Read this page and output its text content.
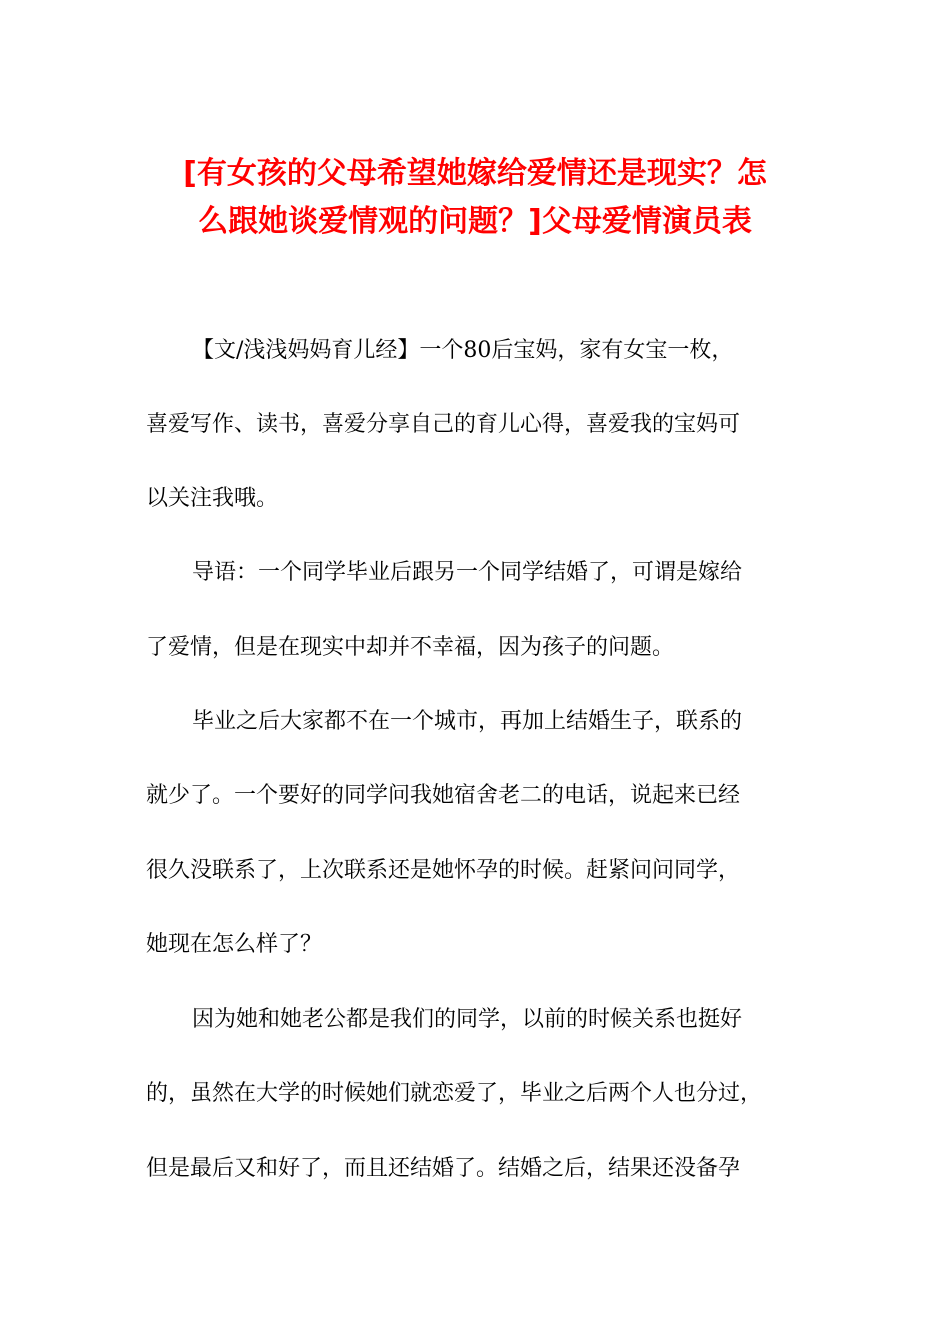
[有女孩的父母希望她嫁给爱情还是现实？怎
么跟她谈爱情观的问题？]父母爱情演员表

【文/浅浅妈妈育儿经】一个80后宝妈，家有女宝一枚，

喜爱写作、读书，喜爱分享自己的育儿心得，喜爱我的宝妈可

以关注我哦。

导语：一个同学毕业后跟另一个同学结婚了，可谓是嫁给

了爱情，但是在现实中却并不幸福，因为孩子的问题。

毕业之后大家都不在一个城市，再加上结婚生子，联系的

就少了。一个要好的同学问我她宿舍老二的电话，说起来已经

很久没联系了，上次联系还是她怀孕的时候。赶紧问问同学，

她现在怎么样了？

因为她和她老公都是我们的同学，以前的时候关系也挺好

的，虽然在大学的时候她们就恋爱了，毕业之后两个人也分过，

但是最后又和好了，而且还结婚了。结婚之后，结果还没备孕
